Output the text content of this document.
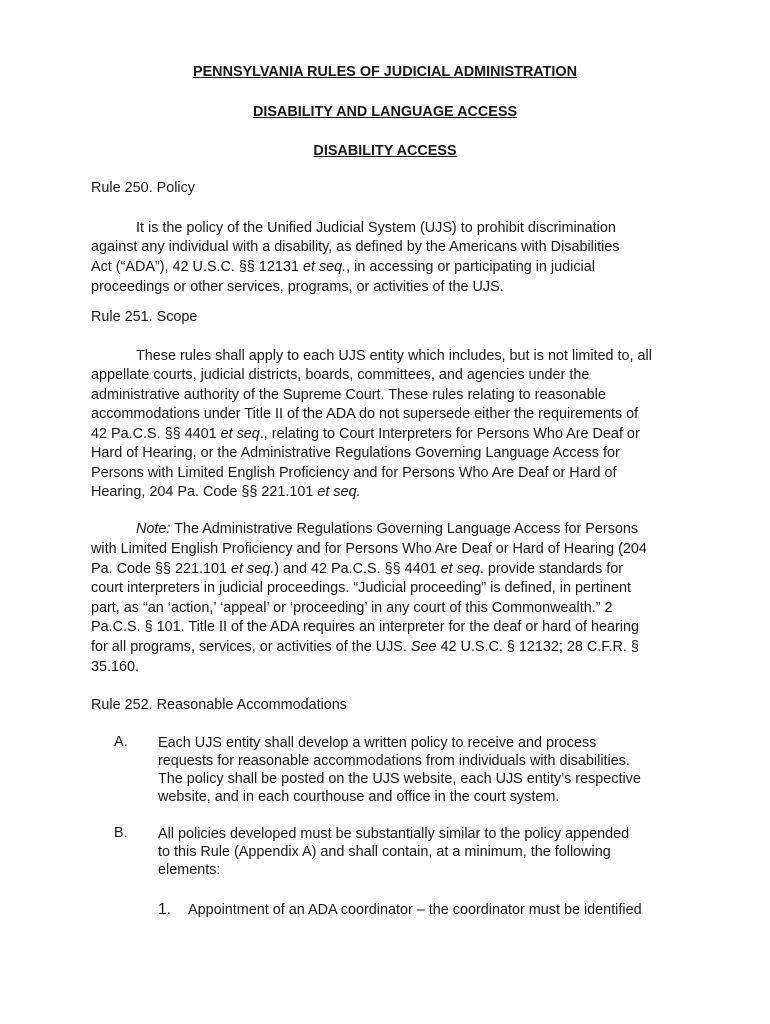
PENNSYLVANIA RULES OF JUDICIAL ADMINISTRATION
DISABILITY AND LANGUAGE ACCESS
DISABILITY ACCESS
Rule 250. Policy
It is the policy of the Unified Judicial System (UJS) to prohibit discrimination
against any individual with a disability, as defined by the Americans with Disabilities
Act (“ADA”), 42 U.S.C. §§ 12131 et seq., in accessing or participating in judicial
proceedings or other services, programs, or activities of the UJS.
Rule 251. Scope
These rules shall apply to each UJS entity which includes, but is not limited to, all
appellate courts, judicial districts, boards, committees, and agencies under the
administrative authority of the Supreme Court. These rules relating to reasonable
accommodations under Title II of the ADA do not supersede either the requirements of
42 Pa.C.S. §§ 4401 et seq., relating to Court Interpreters for Persons Who Are Deaf or
Hard of Hearing, or the Administrative Regulations Governing Language Access for
Persons with Limited English Proficiency and for Persons Who Are Deaf or Hard of
Hearing, 204 Pa. Code §§ 221.101 et seq.
Note: The Administrative Regulations Governing Language Access for Persons
with Limited English Proficiency and for Persons Who Are Deaf or Hard of Hearing (204
Pa. Code §§ 221.101 et seq.) and 42 Pa.C.S. §§ 4401 et seq. provide standards for
court interpreters in judicial proceedings. “Judicial proceeding” is defined, in pertinent
part, as “an ‘action,’ ‘appeal’ or ‘proceeding’ in any court of this Commonwealth.” 2
Pa.C.S. § 101. Title II of the ADA requires an interpreter for the deaf or hard of hearing
for all programs, services, or activities of the UJS. See 42 U.S.C. § 12132; 28 C.F.R. §
35.160.
Rule 252. Reasonable Accommodations
A. Each UJS entity shall develop a written policy to receive and process
requests for reasonable accommodations from individuals with disabilities.
The policy shall be posted on the UJS website, each UJS entity’s respective
website, and in each courthouse and office in the court system.
B. All policies developed must be substantially similar to the policy appended
to this Rule (Appendix A) and shall contain, at a minimum, the following
elements:
1. Appointment of an ADA coordinator – the coordinator must be identified
